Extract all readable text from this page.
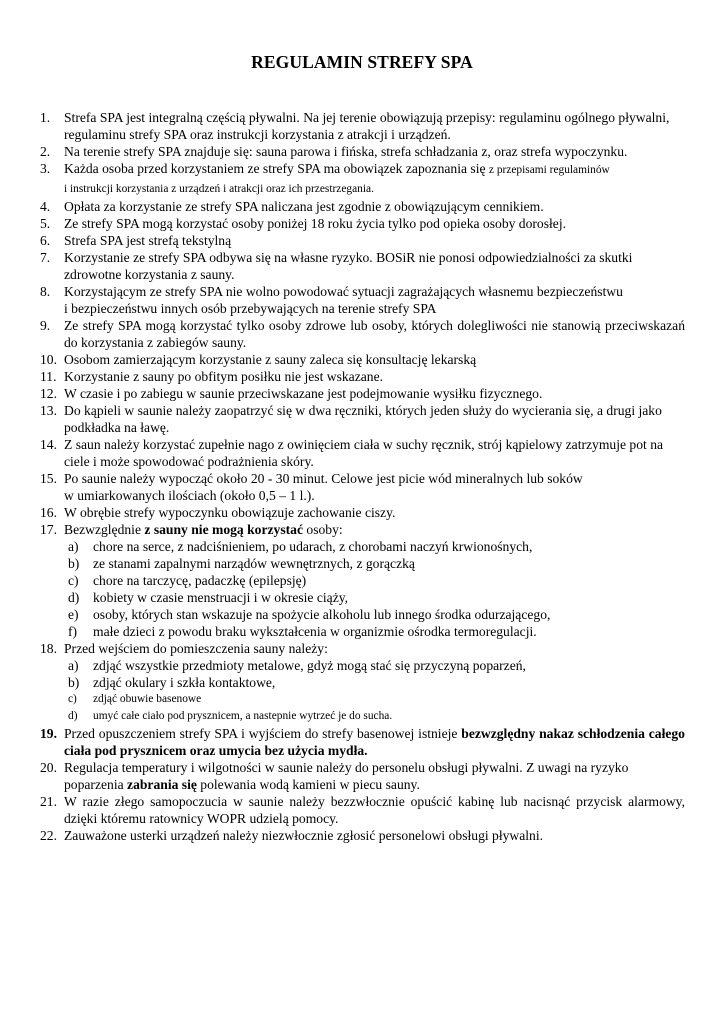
REGULAMIN STREFY SPA
1.	Strefa SPA jest integralną częścią pływalni. Na jej terenie obowiązują przepisy: regulaminu ogólnego pływalni, regulaminu strefy SPA oraz instrukcji korzystania z atrakcji i urządzeń.
2.	Na terenie strefy SPA znajduje się: sauna parowa i fińska, strefa schładzania z, oraz strefa wypoczynku.
3.	Każda osoba przed korzystaniem ze strefy SPA ma obowiązek zapoznania się z przepisami regulaminów
i instrukcji korzystania z urządzeń i atrakcji oraz ich przestrzegania.
4.	Opłata za korzystanie ze strefy SPA naliczana jest zgodnie z obowiązującym cennikiem.
5.	Ze strefy SPA mogą korzystać osoby poniżej 18 roku życia tylko pod opieka osoby dorosłej.
6.	Strefa SPA jest strefą tekstylną
7.	Korzystanie ze strefy SPA odbywa się na własne ryzyko. BOSiR nie ponosi odpowiedzialności za skutki zdrowotne korzystania z sauny.
8.	Korzystającym ze strefy SPA nie wolno powodować sytuacji zagrażających własnemu bezpieczeństwu
i bezpieczeństwu innych osób przebywających na terenie strefy SPA
9.	Ze strefy SPA mogą korzystać tylko osoby zdrowe lub osoby, których dolegliwości nie stanowią przeciwskazań do korzystania z zabiegów sauny.
10. Osobom zamierzającym korzystanie z sauny zaleca się konsultację lekarską
11. Korzystanie z sauny po obfitym posiłku nie jest wskazane.
12. W czasie i po zabiegu w saunie przeciwskazane jest podejmowanie wysiłku fizycznego.
13. Do kąpieli w saunie należy zaopatrzyć się w dwa ręczniki, których jeden służy do wycierania się, a drugi jako podkładka na ławę.
14. Z saun należy korzystać zupełnie nago z owinięciem ciała w suchy ręcznik, strój kąpielowy zatrzymuje pot na ciele i może spowodować podrażnienia skóry.
15. Po saunie należy wypocząć około 20 - 30 minut. Celowe jest picie wód mineralnych lub soków
w umiarkowanych ilościach (około 0,5 – 1 l.).
16. W obrębie strefy wypoczynku obowiązuje zachowanie ciszy.
17. Bezwzględnie z sauny nie mogą korzystać osoby:
a) chore na serce, z nadciśnieniem, po udarach, z chorobami naczyń krwionośnych,
b) ze stanami zapalnymi narządów wewnętrznych, z gorączką
c) chore na tarczycę, padaczkę (epilepsję)
d) kobiety w czasie menstruacji i w okresie ciąży,
e) osoby, których stan wskazuje na spożycie alkoholu lub innego środka odurzającego,
f) małe dzieci z powodu braku wykształcenia w organizmie ośrodka termoregulacji.
18. Przed wejściem do pomieszczenia sauny należy:
a) zdjąć wszystkie przedmioty metalowe, gdyż mogą stać się przyczyną poparzeń,
b) zdjąć okulary i szkła kontaktowe,
c) zdjąć obuwie basenowe
d) umyć całe ciało pod prysznicem, a nastepnie wytrzeć je do sucha.
19. Przed opuszczeniem strefy SPA i wyjściem do strefy basenowej istnieje bezwzględny nakaz schłodzenia całego ciała pod prysznicem oraz umycia bez użycia mydła.
20. Regulacja temperatury i wilgotności w saunie należy do personelu obsługi pływalni. Z uwagi na ryzyko poparzenia zabrania się polewania wodą kamieni w piecu sauny.
21. W razie złego samopoczucia w saunie należy bezzwłocznie opuścić kabinę lub nacisnąć przycisk alarmowy, dzięki któremu ratownicy WOPR udzielą pomocy.
22. Zauważone usterki urządzeń należy niezwłocznie zgłosić personelowi obsługi pływalni.
